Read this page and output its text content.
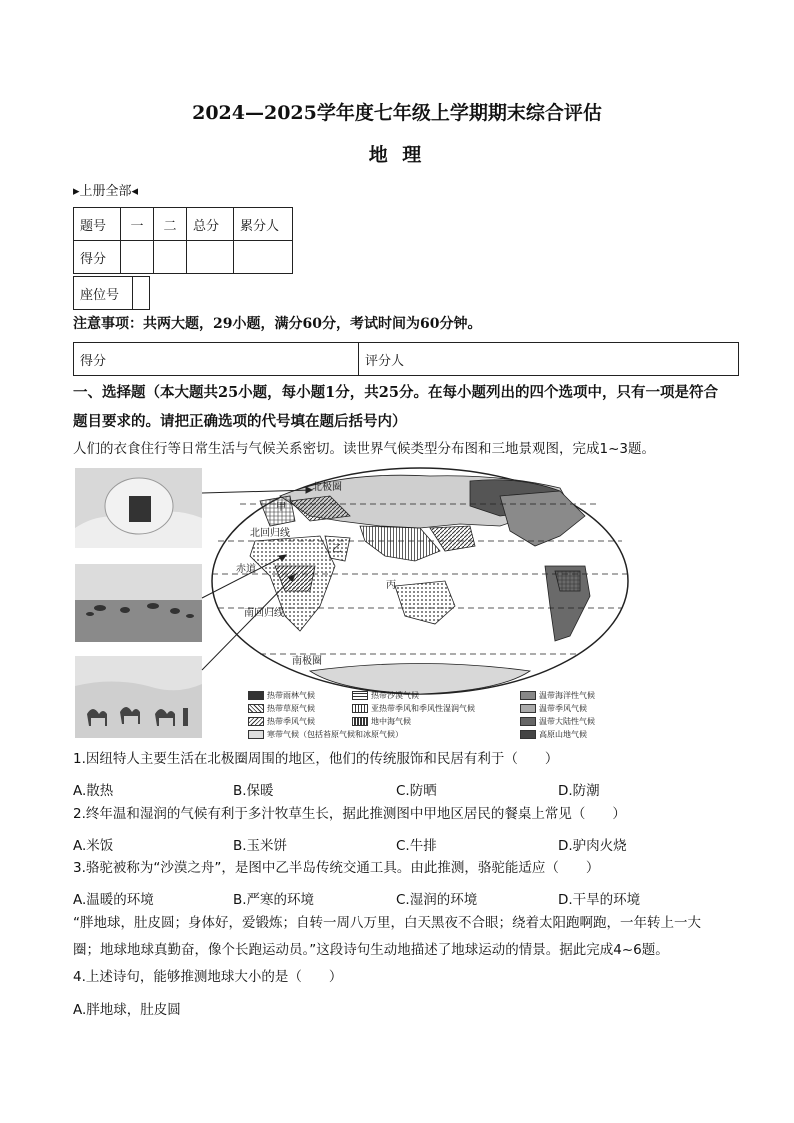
2024—2025学年度七年级上学期期末综合评估
地 理
▸上册全部◂
题号	一	二	总分	累分人
得分				
座位号	
注意事项：共两大题，29小题，满分60分，考试时间为60分钟。
得分	评分人
一、选择题（本大题共25小题，每小题1分，共25分。在每小题列出的四个选项中，只有一项是符合题目要求的。请把正确选项的代号填在题后括号内）
人们的衣食住行等日常生活与气候关系密切。读世界气候类型分布图和三地景观图，完成1~3题。
甲
北极圈
北回归线
赤道
南回归线
南极圈
乙
丙
热带雨林气候	热带沙漠气候	温带海洋性气候
热带草原气候	亚热带季风和季风性湿润气候	温带季风气候
热带季风气候	地中海气候	温带大陆性气候
寒带气候（包括苔原气候和冰原气候）	高原山地气候
1.因纽特人主要生活在北极圈周围的地区，他们的传统服饰和民居有利于（　　）
A.散热	B.保暖	C.防晒	D.防潮
2.终年温和湿润的气候有利于多汁牧草生长，据此推测图中甲地区居民的餐桌上常见（　　）
A.米饭	B.玉米饼	C.牛排	D.驴肉火烧
3.骆驼被称为“沙漠之舟”，是图中乙半岛传统交通工具。由此推测，骆驼能适应（　　）
A.温暖的环境	B.严寒的环境	C.湿润的环境	D.干旱的环境
“胖地球，肚皮圆；身体好，爱锻炼；自转一周八万里，白天黑夜不合眼；绕着太阳跑啊跑，一年转上一大圈；地球地球真勤奋，像个长跑运动员。”这段诗句生动地描述了地球运动的情景。据此完成4~6题。
4.上述诗句，能够推测地球大小的是（　　）
A.胖地球，肚皮圆
